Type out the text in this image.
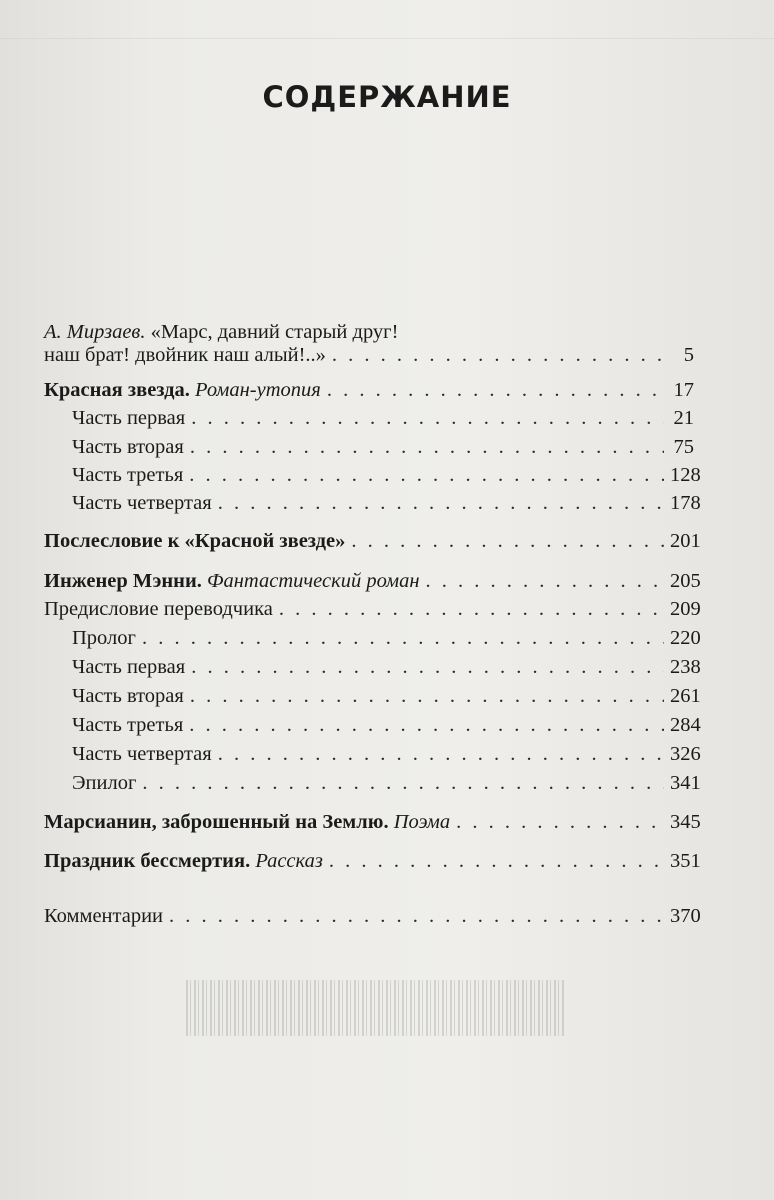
СОДЕРЖАНИЕ
А. Мирзаев. «Марс, давний старый друг!
наш брат! двойник наш алый!..» . . .	5
Красная звезда. Роман-утопия . . .	17
Часть первая . . .	21
Часть вторая . . .	75
Часть третья . . .	128
Часть четвертая . . .	178
Послесловие к «Красной звезде» . . .	201
Инженер Мэнни. Фантастический роман . . .	205
Предисловие переводчика . . .	209
Пролог . . .	220
Часть первая . . .	238
Часть вторая . . .	261
Часть третья . . .	284
Часть четвертая . . .	326
Эпилог . . .	341
Марсианин, заброшенный на Землю. Поэма . . .	345
Праздник бессмертия. Рассказ . . .	351
Комментарии . . .	370
